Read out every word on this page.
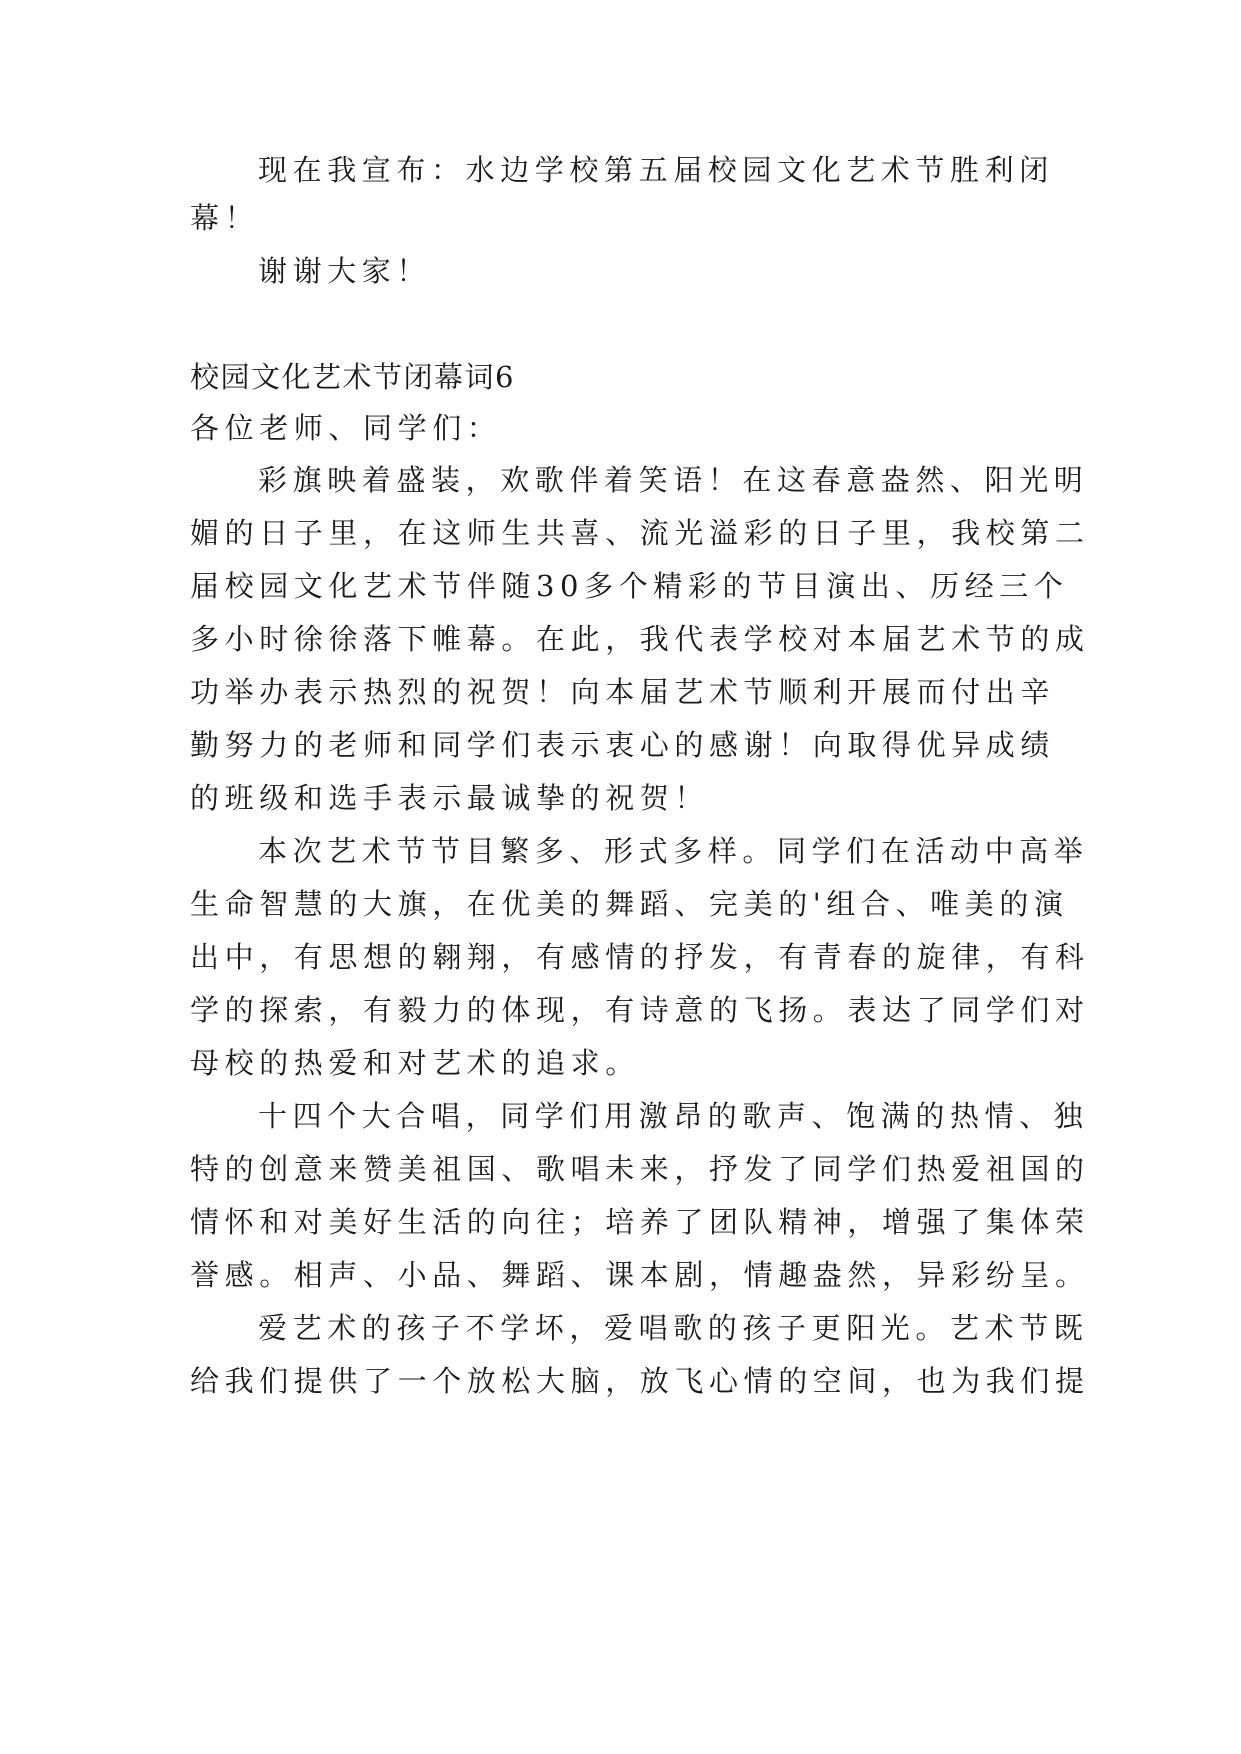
现在我宣布：水边学校第五届校园文化艺术节胜利闭

幕！

谢谢大家！

校园文化艺术节闭幕词6

各位老师、同学们：

彩旗映着盛装，欢歌伴着笑语！在这春意盎然、阳光明

媚的日子里，在这师生共喜、流光溢彩的日子里，我校第二

届校园文化艺术节伴随30多个精彩的节目演出、历经三个

多小时徐徐落下帷幕。在此，我代表学校对本届艺术节的成

功举办表示热烈的祝贺！向本届艺术节顺利开展而付出辛

勤努力的老师和同学们表示衷心的感谢！向取得优异成绩

的班级和选手表示最诚挚的祝贺！

本次艺术节节目繁多、形式多样。同学们在活动中高举

生命智慧的大旗，在优美的舞蹈、完美的'组合、唯美的演

出中，有思想的翱翔，有感情的抒发，有青春的旋律，有科

学的探索，有毅力的体现，有诗意的飞扬。表达了同学们对

母校的热爱和对艺术的追求。

十四个大合唱，同学们用激昂的歌声、饱满的热情、独

特的创意来赞美祖国、歌唱未来，抒发了同学们热爱祖国的

情怀和对美好生活的向往；培养了团队精神，增强了集体荣

誉感。相声、小品、舞蹈、课本剧，情趣盎然，异彩纷呈。

爱艺术的孩子不学坏，爱唱歌的孩子更阳光。艺术节既

给我们提供了一个放松大脑，放飞心情的空间，也为我们提
